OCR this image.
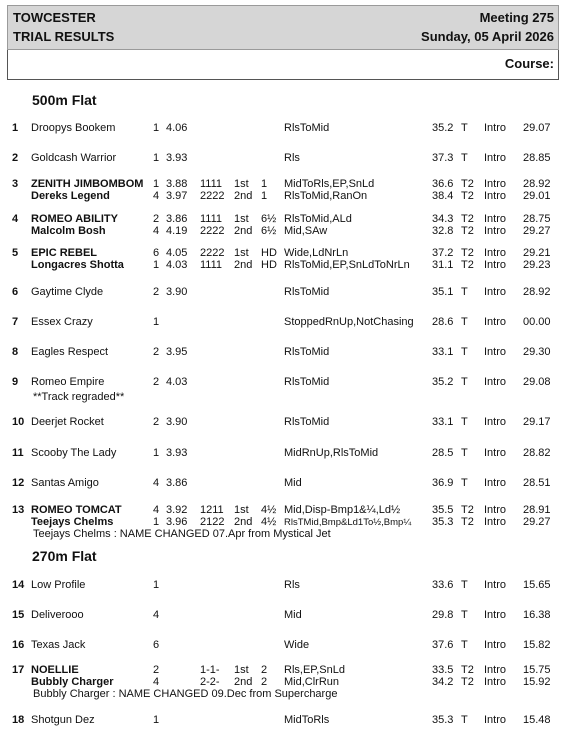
TOWCESTER
TRIAL RESULTS
Meeting 275
Sunday, 05 April 2026
Course:
500m Flat
270m Flat
1 Droopys Bookem	1 4.06	RlsToMid	35.2 T Intro 29.07
2 Goldcash Warrior	1 3.93	Rls	37.3 T Intro 28.85
3 ZENITH JIMBOMBOM 1 3.88 1111 1st 1 MidToRls,EP,SnLd	36.6 T2 Intro 28.92
Dereks Legend	4 3.97 2222 2nd 1 RlsToMid,RanOn	38.4 T2 Intro 29.01
4 ROMEO ABILITY	2 3.86 1111 1st 6½ RlsToMid,ALd	34.3 T2 Intro 28.75
Malcolm Bosh	4 4.19 2222 2nd 6½ Mid,SAw	32.8 T2 Intro 29.27
5 EPIC REBEL	6 4.05 2222 1st HD Wide,LdNrLn	37.2 T2 Intro 29.21
Longacres Shotta	1 4.03 1111 2nd HD RlsToMid,EP,SnLdToNrLn 31.1 T2 Intro 29.23
6 Gaytime Clyde	2 3.90	RlsToMid	35.1 T Intro 28.92
7 Essex Crazy	1	StoppedRnUp,NotChasing 28.6 T Intro 00.00
8 Eagles Respect	2 3.95	RlsToMid	33.1 T Intro 29.30
9 Romeo Empire	2 4.03	RlsToMid	35.2 T Intro 29.08
**Track regraded**
10 Deerjet Rocket	2 3.90	RlsToMid	33.1 T Intro 29.17
11 Scooby The Lady	1 3.93	MidRnUp,RlsToMid	28.5 T Intro 28.82
12 Santas Amigo	4 3.86	Mid	36.9 T Intro 28.51
13 ROMEO TOMCAT	4 3.92 1211 1st 4½ Mid,Disp-Bmp1&¼,Ld½	35.5 T2 Intro 28.91
Teejays Chelms	1 3.96 2122 2nd 4½ RlsTMid,Bmp&Ld1To½,Bmp¼ 35.3 T2 Intro 29.27
Teejays Chelms : NAME CHANGED 07.Apr from Mystical Jet
14 Low Profile	1	Rls	33.6 T Intro 15.65
15 Deliverooo	4	Mid	29.8 T Intro 16.38
16 Texas Jack	6	Wide	37.6 T Intro 15.82
17 NOELLIE	2	1-1- 1st 2 Rls,EP,SnLd	33.5 T2 Intro 15.75
Bubbly Charger	4	2-2- 2nd 2 Mid,ClrRun	34.2 T2 Intro 15.92
Bubbly Charger : NAME CHANGED 09.Dec from Supercharge
18 Shotgun Dez	1	MidToRls	35.3 T Intro 15.48
